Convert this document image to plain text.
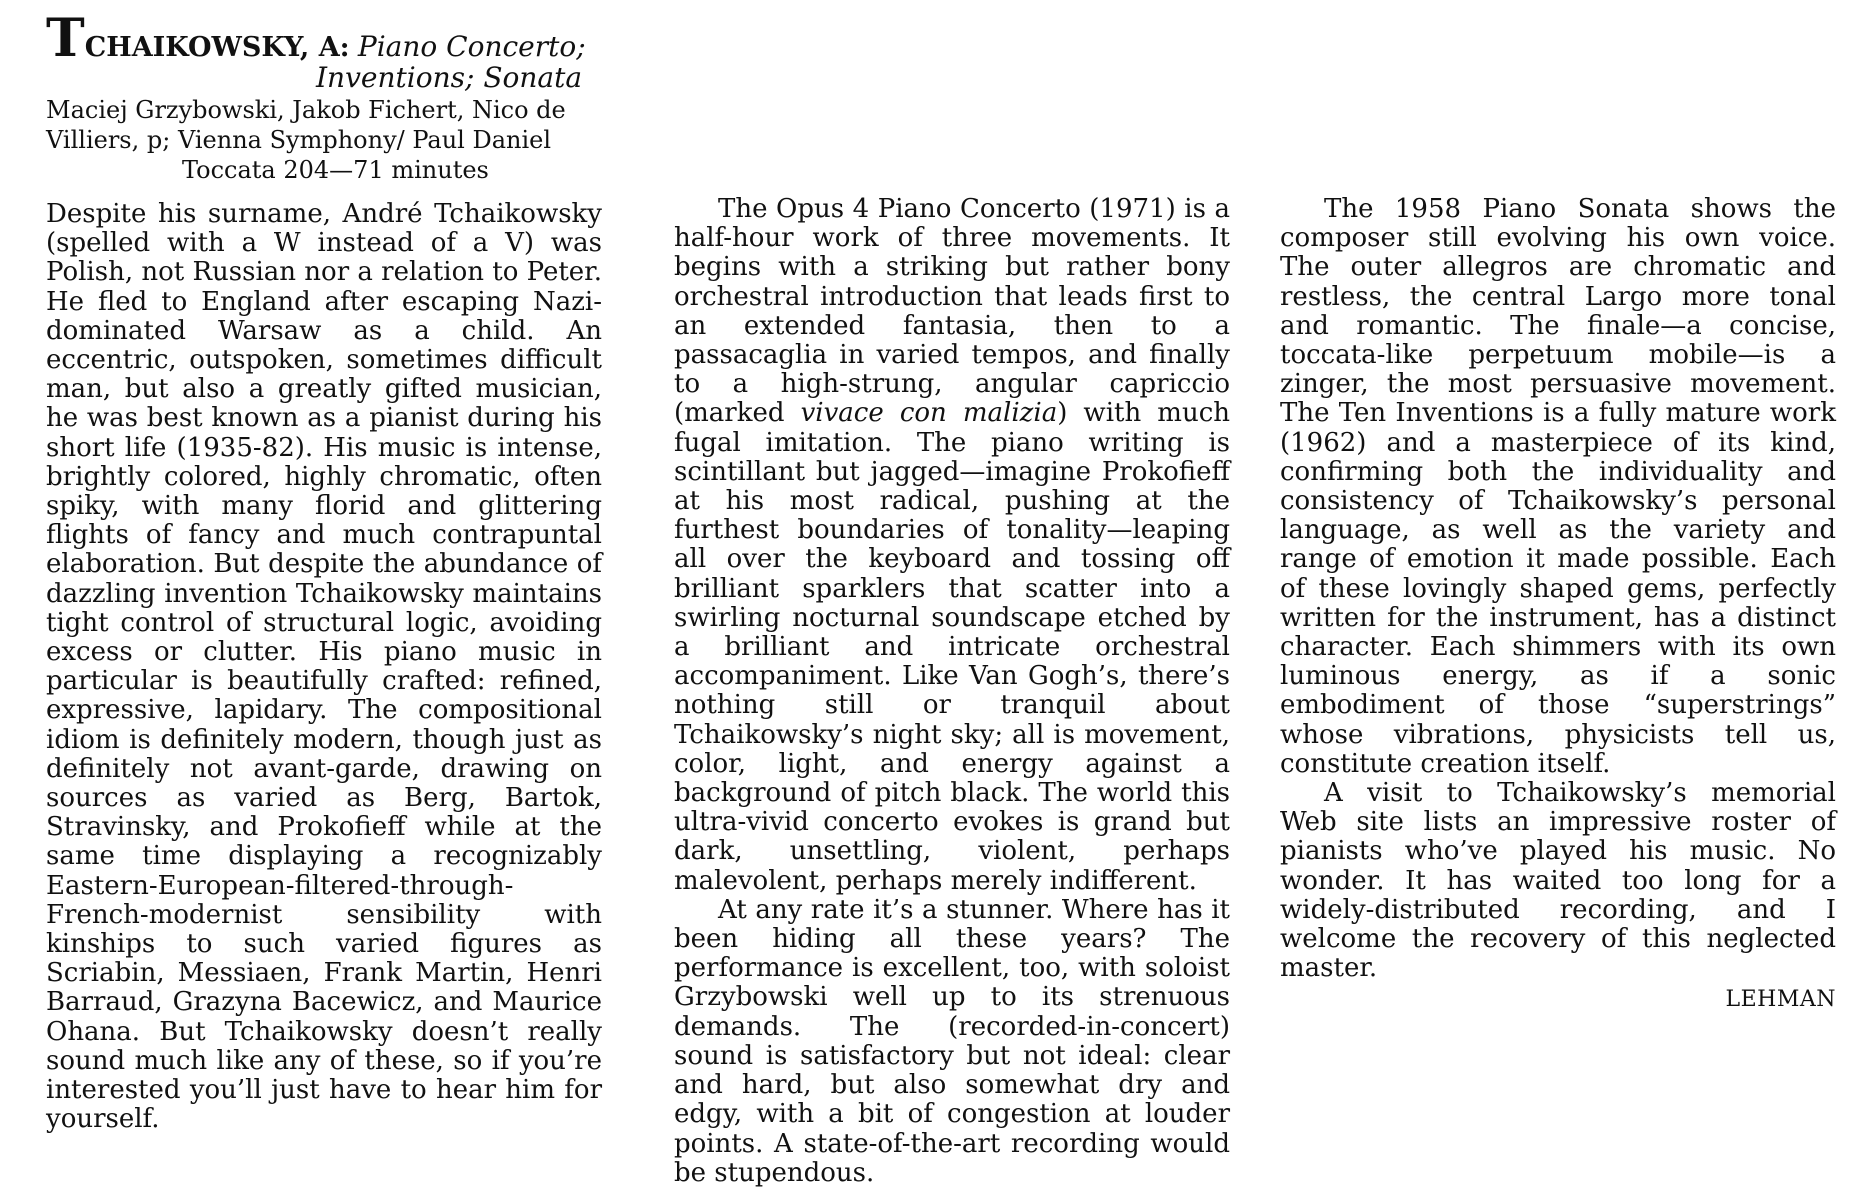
TCHAIKOWSKY, A: Piano Concerto;
Inventions; Sonata
Maciej Grzybowski, Jakob Fichert, Nico de Villiers, p; Vienna Symphony/ Paul Daniel
Toccata 204—71 minutes

Despite his surname, André Tchaikowsky (spelled with a W instead of a V) was Polish, not Russian nor a relation to Peter. He fled to England after escaping Nazi-dominated Warsaw as a child. An eccentric, outspoken, sometimes difficult man, but also a greatly gifted musician, he was best known as a pianist during his short life (1935-82). His music is intense, brightly colored, highly chromatic, often spiky, with many florid and glittering flights of fancy and much contrapuntal elaboration. But despite the abundance of dazzling invention Tchaikowsky maintains tight control of structural logic, avoiding excess or clutter. His piano music in particular is beautifully crafted: refined, expressive, lapidary. The compositional idiom is definitely modern, though just as definitely not avant-garde, drawing on sources as varied as Berg, Bartok, Stravinsky, and Prokofieff while at the same time displaying a recognizably Eastern-European-filtered-through-French-modernist sensibility with kinships to such varied figures as Scriabin, Messiaen, Frank Martin, Henri Barraud, Grazyna Bacewicz, and Maurice Ohana. But Tchaikowsky doesn’t really sound much like any of these, so if you’re interested you’ll just have to hear him for yourself.

The Opus 4 Piano Concerto (1971) is a half-hour work of three movements. It begins with a striking but rather bony orchestral introduction that leads first to an extended fantasia, then to a passacaglia in varied tempos, and finally to a high-strung, angular capriccio (marked vivace con malizia) with much fugal imitation. The piano writing is scintillant but jagged—imagine Prokofieff at his most radical, pushing at the furthest boundaries of tonality—leaping all over the keyboard and tossing off brilliant sparklers that scatter into a swirling nocturnal soundscape etched by a brilliant and intricate orchestral accompaniment. Like Van Gogh’s, there’s nothing still or tranquil about Tchaikowsky’s night sky; all is movement, color, light, and energy against a background of pitch black. The world this ultra-vivid concerto evokes is grand but dark, unsettling, violent, perhaps malevolent, perhaps merely indifferent.

At any rate it’s a stunner. Where has it been hiding all these years? The performance is excellent, too, with soloist Grzybowski well up to its strenuous demands. The (recorded-in-concert) sound is satisfactory but not ideal: clear and hard, but also somewhat dry and edgy, with a bit of congestion at louder points. A state-of-the-art recording would be stupendous.

The 1958 Piano Sonata shows the composer still evolving his own voice. The outer allegros are chromatic and restless, the central Largo more tonal and romantic. The finale—a concise, toccata-like perpetuum mobile—is a zinger, the most persuasive movement. The Ten Inventions is a fully mature work (1962) and a masterpiece of its kind, confirming both the individuality and consistency of Tchaikowsky’s personal language, as well as the variety and range of emotion it made possible. Each of these lovingly shaped gems, perfectly written for the instrument, has a distinct character. Each shimmers with its own luminous energy, as if a sonic embodiment of those “superstrings” whose vibrations, physicists tell us, constitute creation itself.

A visit to Tchaikowsky’s memorial Web site lists an impressive roster of pianists who’ve played his music. No wonder. It has waited too long for a widely-distributed recording, and I welcome the recovery of this neglected master.

LEHMAN
